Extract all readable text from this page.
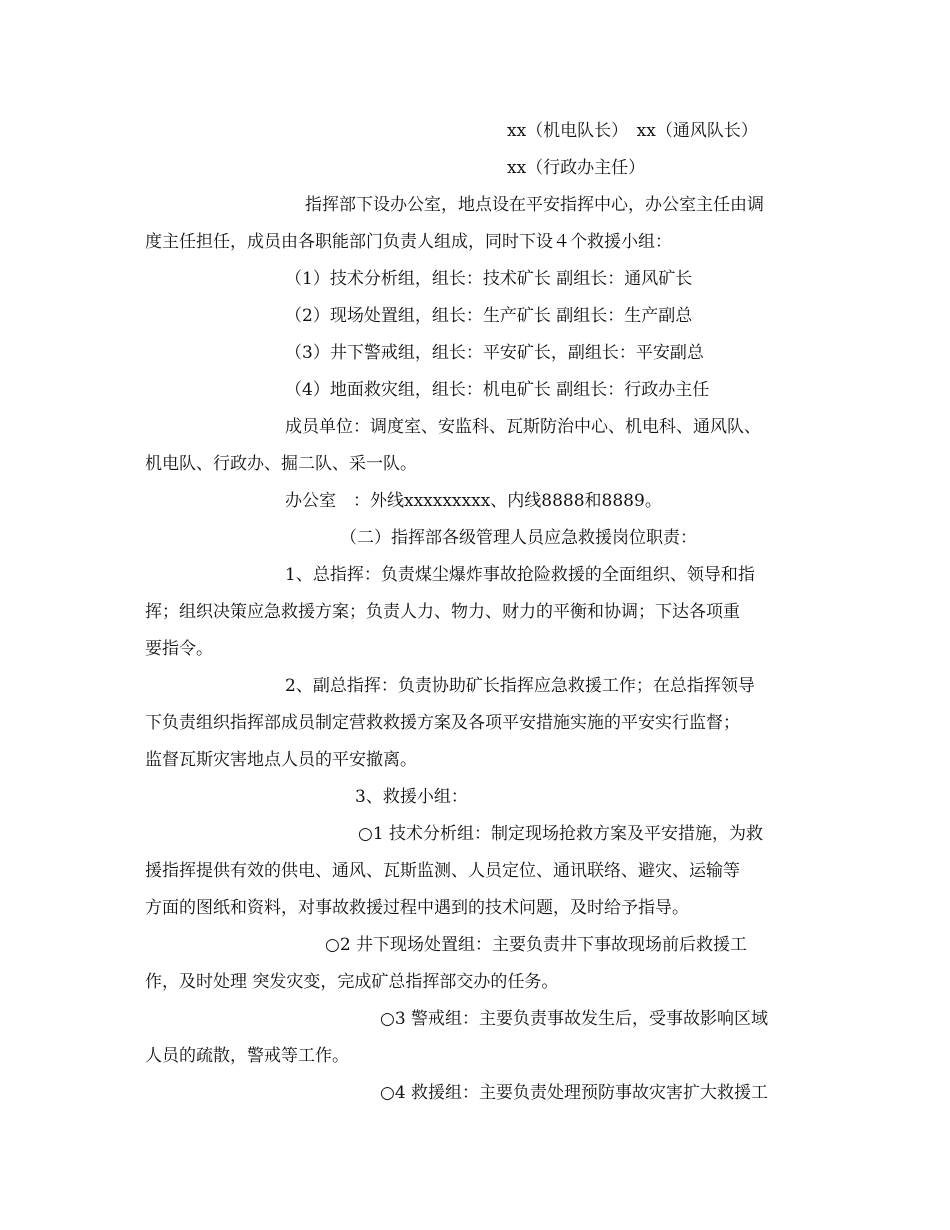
xx（机电队长）　xx（通风队长）
xx（行政办主任）
指挥部下设办公室，地点设在平安指挥中心，办公室主任由调
度主任担任，成员由各职能部门负责人组成，同时下设４个救援小组：
（1）技术分析组，组长：技术矿长 副组长：通风矿长
（2）现场处置组，组长：生产矿长 副组长：生产副总
（3）井下警戒组，组长：平安矿长，副组长：平安副总
（4）地面救灾组，组长：机电矿长 副组长：行政办主任
成员单位：调度室、安监科、瓦斯防治中心、机电科、通风队、
机电队、行政办、掘二队、采一队。
办公室　：外线xxxxxxxxx、内线8888和8889。
（二）指挥部各级管理人员应急救援岗位职责：
1、总指挥：负责煤尘爆炸事故抢险救援的全面组织、领导和指
挥；组织决策应急救援方案；负责人力、物力、财力的平衡和协调；下达各项重
要指令。
2、副总指挥：负责协助矿长指挥应急救援工作；在总指挥领导
下负责组织指挥部成员制定营救救援方案及各项平安措施实施的平安实行监督；
监督瓦斯灾害地点人员的平安撤离。
3、救援小组：
○1 技术分析组：制定现场抢救方案及平安措施，为救
援指挥提供有效的供电、通风、瓦斯监测、人员定位、通讯联络、避灾、运输等
方面的图纸和资料，对事故救援过程中遇到的技术问题，及时给予指导。
○2 井下现场处置组：主要负责井下事故现场前后救援工
作，及时处理 突发灾变，完成矿总指挥部交办的任务。
○3 警戒组：主要负责事故发生后，受事故影响区域
人员的疏散，警戒等工作。
○4 救援组：主要负责处理预防事故灾害扩大救援工
